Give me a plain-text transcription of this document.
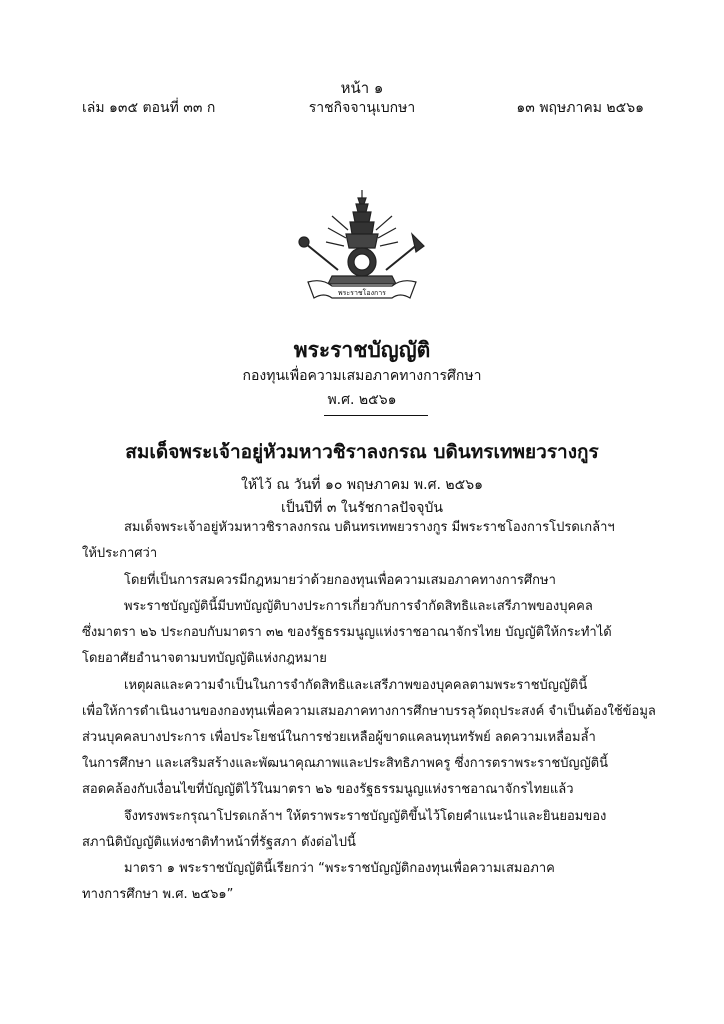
หน้า ๑
เล่ม ๑๓๕ ตอนที่ ๓๓ ก	ราชกิจจานุเบกษา	๑๓ พฤษภาคม ๒๕๖๑
พระราชโองการ
พระราชบัญญัติ
กองทุนเพื่อความเสมอภาคทางการศึกษา
พ.ศ. ๒๕๖๑
สมเด็จพระเจ้าอยู่หัวมหาวชิราลงกรณ บดินทรเทพยวรางกูร
ให้ไว้ ณ วันที่ ๑๐ พฤษภาคม พ.ศ. ๒๕๖๑
เป็นปีที่ ๓ ในรัชกาลปัจจุบัน
สมเด็จพระเจ้าอยู่หัวมหาวชิราลงกรณ บดินทรเทพยวรางกูร มีพระราชโองการโปรดเกล้าฯ
ให้ประกาศว่า
โดยที่เป็นการสมควรมีกฎหมายว่าด้วยกองทุนเพื่อความเสมอภาคทางการศึกษา
พระราชบัญญัตินี้มีบทบัญญัติบางประการเกี่ยวกับการจำกัดสิทธิและเสรีภาพของบุคคล
ซึ่งมาตรา ๒๖ ประกอบกับมาตรา ๓๒ ของรัฐธรรมนูญแห่งราชอาณาจักรไทย บัญญัติให้กระทำได้
โดยอาศัยอำนาจตามบทบัญญัติแห่งกฎหมาย
เหตุผลและความจำเป็นในการจำกัดสิทธิและเสรีภาพของบุคคลตามพระราชบัญญัตินี้
เพื่อให้การดำเนินงานของกองทุนเพื่อความเสมอภาคทางการศึกษาบรรลุวัตถุประสงค์ จำเป็นต้องใช้ข้อมูล
ส่วนบุคคลบางประการ เพื่อประโยชน์ในการช่วยเหลือผู้ขาดแคลนทุนทรัพย์ ลดความเหลื่อมล้ำ
ในการศึกษา และเสริมสร้างและพัฒนาคุณภาพและประสิทธิภาพครู ซึ่งการตราพระราชบัญญัตินี้
สอดคล้องกับเงื่อนไขที่บัญญัติไว้ในมาตรา ๒๖ ของรัฐธรรมนูญแห่งราชอาณาจักรไทยแล้ว
จึงทรงพระกรุณาโปรดเกล้าฯ ให้ตราพระราชบัญญัติขึ้นไว้โดยคำแนะนำและยินยอมของ
สภานิติบัญญัติแห่งชาติทำหน้าที่รัฐสภา ดังต่อไปนี้
มาตรา ๑ พระราชบัญญัตินี้เรียกว่า “พระราชบัญญัติกองทุนเพื่อความเสมอภาค
ทางการศึกษา พ.ศ. ๒๕๖๑”
